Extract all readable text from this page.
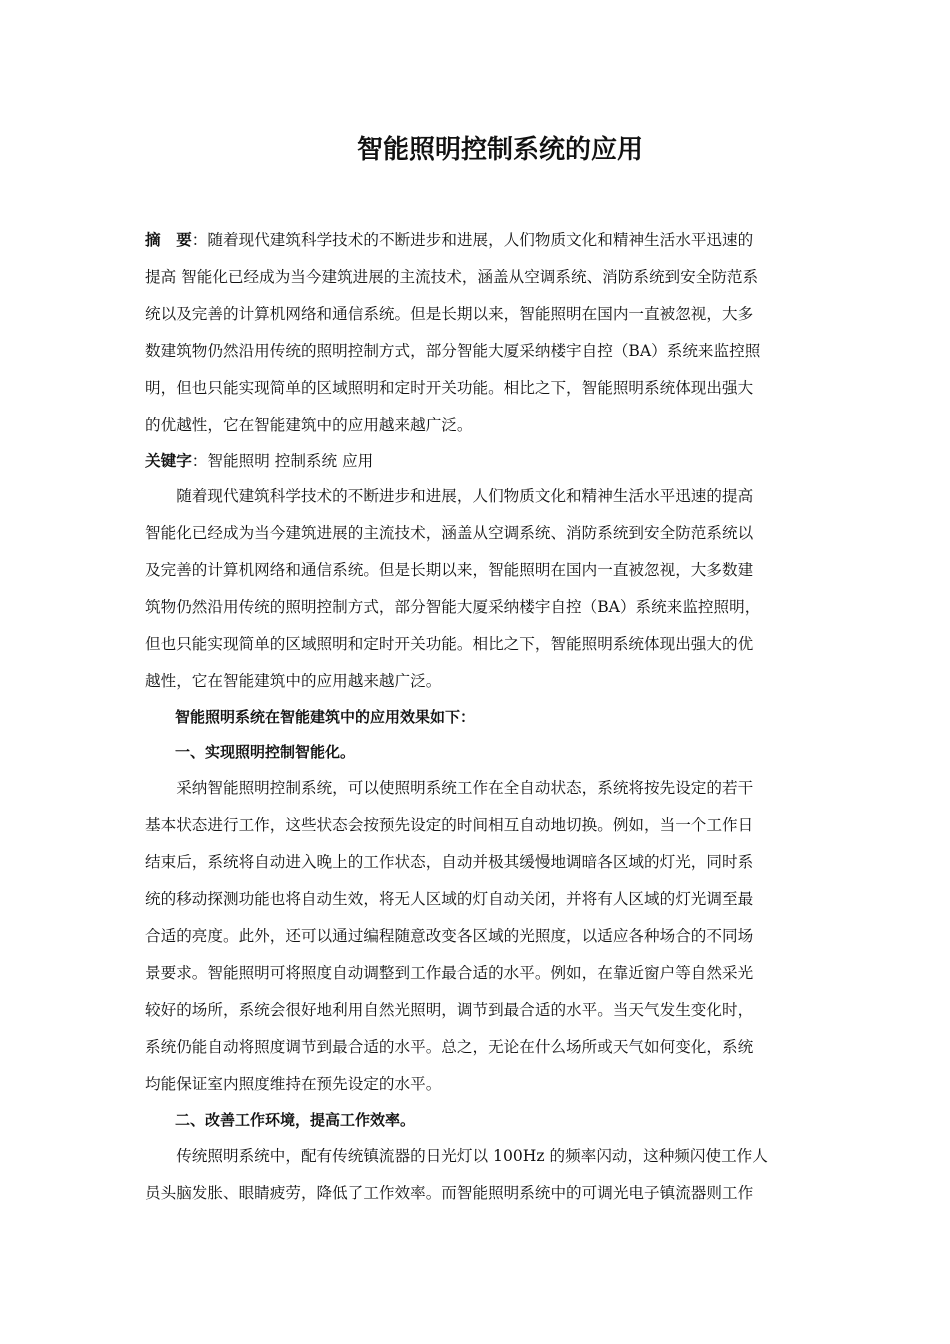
智能照明控制系统的应用

摘　要：随着现代建筑科学技术的不断进步和进展，人们物质文化和精神生活水平迅速的

提高 智能化已经成为当今建筑进展的主流技术，涵盖从空调系统、消防系统到安全防范系

统以及完善的计算机网络和通信系统。但是长期以来，智能照明在国内一直被忽视，大多

数建筑物仍然沿用传统的照明控制方式，部分智能大厦采纳楼宇自控（BA）系统来监控照

明，但也只能实现简单的区域照明和定时开关功能。相比之下，智能照明系统体现出强大

的优越性，它在智能建筑中的应用越来越广泛。

关键字：智能照明 控制系统 应用

随着现代建筑科学技术的不断进步和进展，人们物质文化和精神生活水平迅速的提高

智能化已经成为当今建筑进展的主流技术，涵盖从空调系统、消防系统到安全防范系统以

及完善的计算机网络和通信系统。但是长期以来，智能照明在国内一直被忽视，大多数建

筑物仍然沿用传统的照明控制方式，部分智能大厦采纳楼宇自控（BA）系统来监控照明，

但也只能实现简单的区域照明和定时开关功能。相比之下，智能照明系统体现出强大的优

越性，它在智能建筑中的应用越来越广泛。

智能照明系统在智能建筑中的应用效果如下：

一、实现照明控制智能化。

采纳智能照明控制系统，可以使照明系统工作在全自动状态，系统将按先设定的若干

基本状态进行工作，这些状态会按预先设定的时间相互自动地切换。例如，当一个工作日

结束后，系统将自动进入晚上的工作状态，自动并极其缓慢地调暗各区域的灯光，同时系

统的移动探测功能也将自动生效，将无人区域的灯自动关闭，并将有人区域的灯光调至最

合适的亮度。此外，还可以通过编程随意改变各区域的光照度，以适应各种场合的不同场

景要求。智能照明可将照度自动调整到工作最合适的水平。例如，在靠近窗户等自然采光

较好的场所，系统会很好地利用自然光照明，调节到最合适的水平。当天气发生变化时，

系统仍能自动将照度调节到最合适的水平。总之，无论在什么场所或天气如何变化，系统

均能保证室内照度维持在预先设定的水平。

二、改善工作环境，提高工作效率。

传统照明系统中，配有传统镇流器的日光灯以 100Hz 的频率闪动，这种频闪使工作人

员头脑发胀、眼睛疲劳，降低了工作效率。而智能照明系统中的可调光电子镇流器则工作
